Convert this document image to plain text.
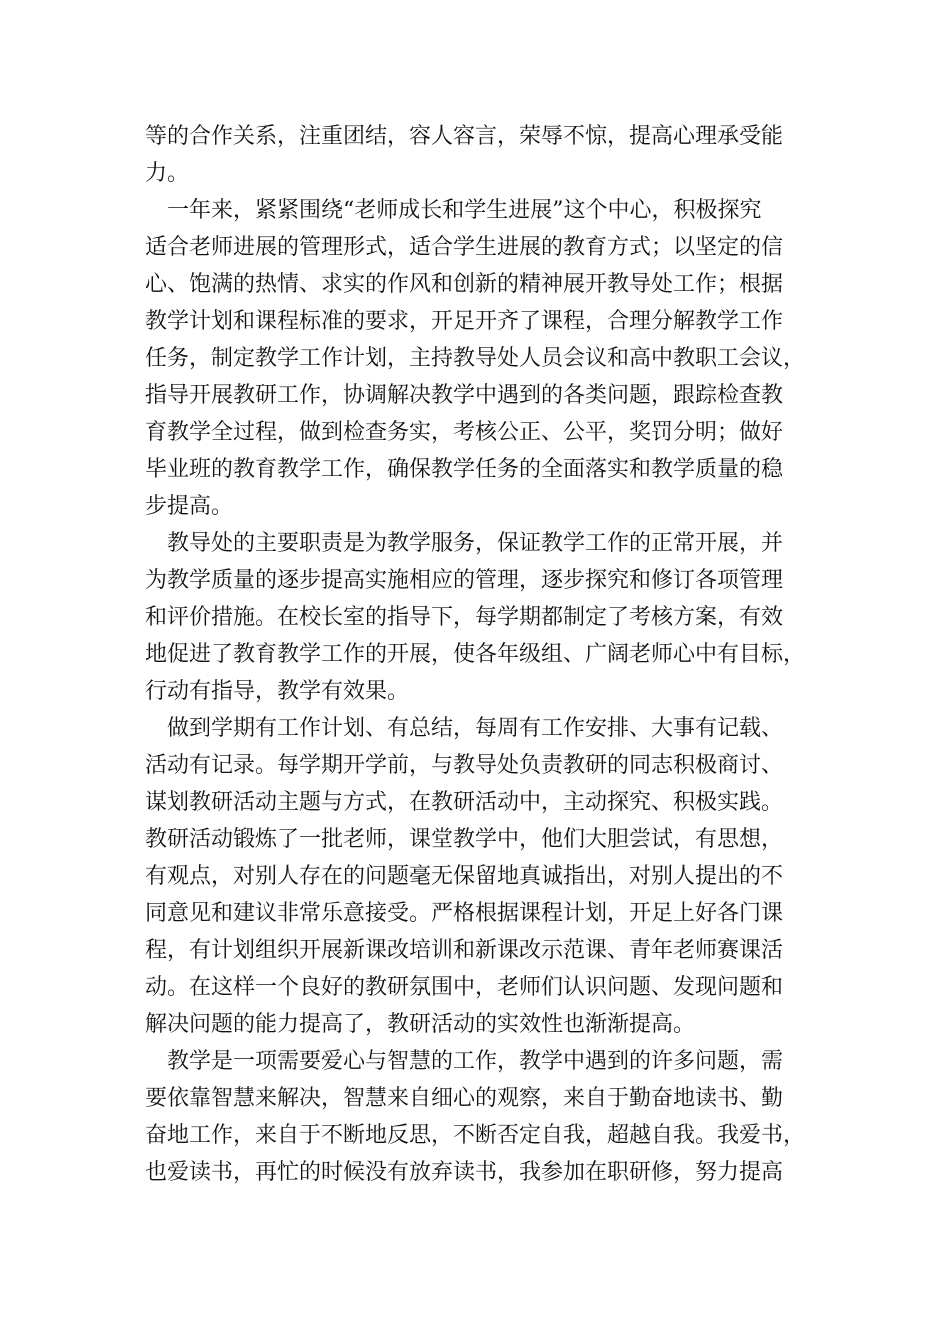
等的合作关系，注重团结，容人容言，荣辱不惊，提高心理承受能
力。
一年来，紧紧围绕“老师成长和学生进展”这个中心，积极探究
适合老师进展的管理形式，适合学生进展的教育方式；以坚定的信
心、饱满的热情、求实的作风和创新的精神展开教导处工作；根据
教学计划和课程标准的要求，开足开齐了课程，合理分解教学工作
任务，制定教学工作计划，主持教导处人员会议和高中教职工会议，
指导开展教研工作，协调解决教学中遇到的各类问题，跟踪检查教
育教学全过程，做到检查务实，考核公正、公平，奖罚分明；做好
毕业班的教育教学工作，确保教学任务的全面落实和教学质量的稳
步提高。
教导处的主要职责是为教学服务，保证教学工作的正常开展，并
为教学质量的逐步提高实施相应的管理，逐步探究和修订各项管理
和评价措施。在校长室的指导下，每学期都制定了考核方案，有效
地促进了教育教学工作的开展，使各年级组、广阔老师心中有目标，
行动有指导，教学有效果。
做到学期有工作计划、有总结，每周有工作安排、大事有记载、
活动有记录。每学期开学前，与教导处负责教研的同志积极商讨、
谋划教研活动主题与方式，在教研活动中，主动探究、积极实践。
教研活动锻炼了一批老师，课堂教学中，他们大胆尝试，有思想，
有观点，对别人存在的问题毫无保留地真诚指出，对别人提出的不
同意见和建议非常乐意接受。严格根据课程计划，开足上好各门课
程，有计划组织开展新课改培训和新课改示范课、青年老师赛课活
动。在这样一个良好的教研氛围中，老师们认识问题、发现问题和
解决问题的能力提高了，教研活动的实效性也渐渐提高。
教学是一项需要爱心与智慧的工作，教学中遇到的许多问题，需
要依靠智慧来解决，智慧来自细心的观察，来自于勤奋地读书、勤
奋地工作，来自于不断地反思，不断否定自我，超越自我。我爱书，
也爱读书，再忙的时候没有放弃读书，我参加在职研修，努力提高
